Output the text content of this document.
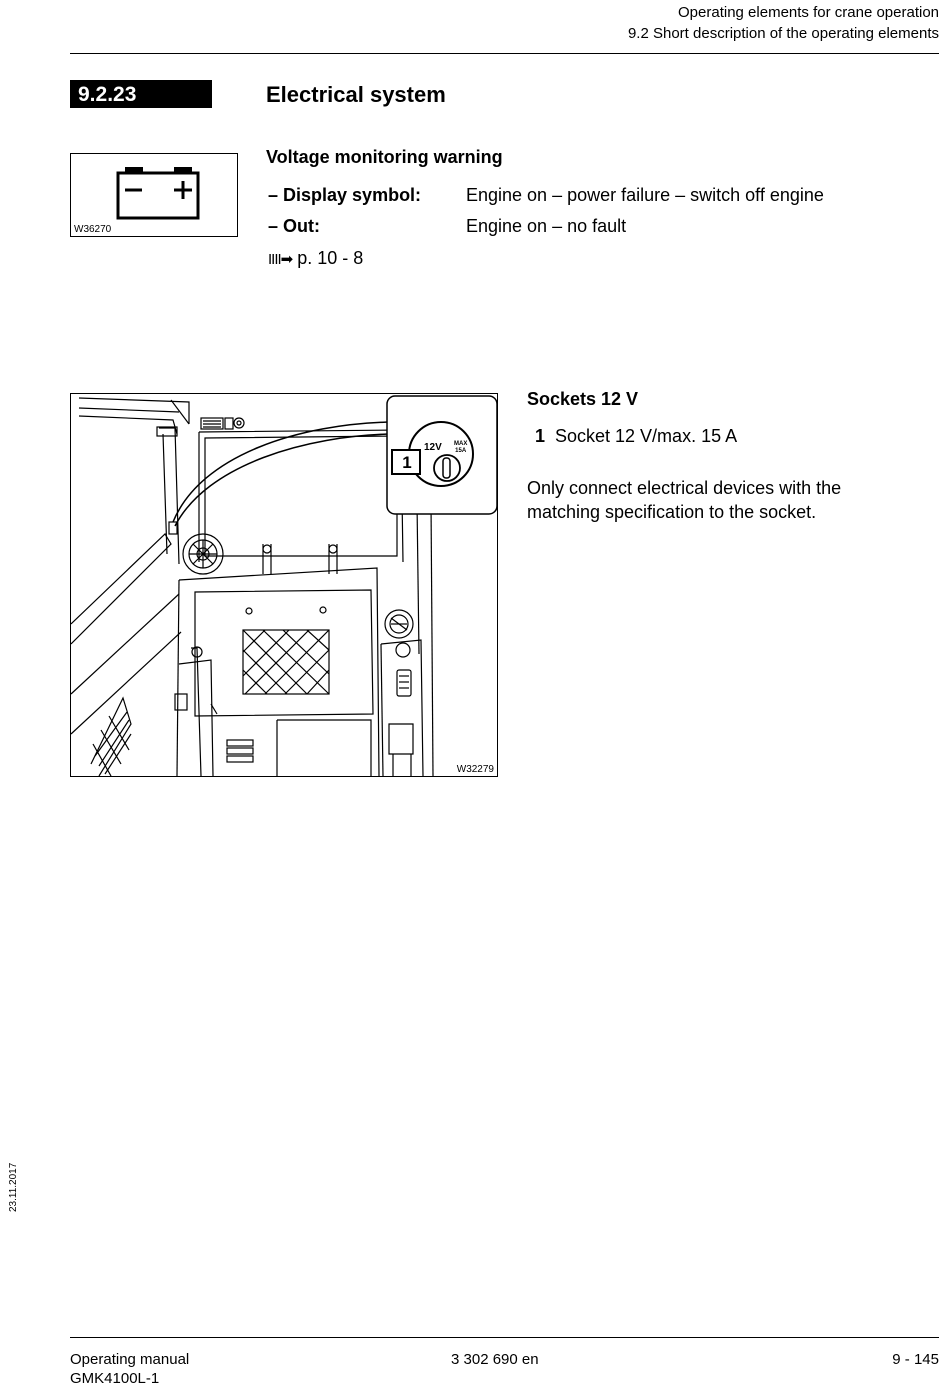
Operating elements for crane operation
9.2 Short description of the operating elements
9.2.23	Electrical system
W36270
Voltage monitoring warning
– Display symbol: Engine on – power failure – switch off engine
– Out:	Engine on – no fault
IIII➡ p. 10 - 8
1
12V MAX
15A
W32279
Sockets 12 V
1 Socket 12 V/max. 15 A
Only connect electrical devices with the
matching specification to the socket.
23.11.2017
Operating manual
GMK4100L-1
3 302 690 en	9 - 145
